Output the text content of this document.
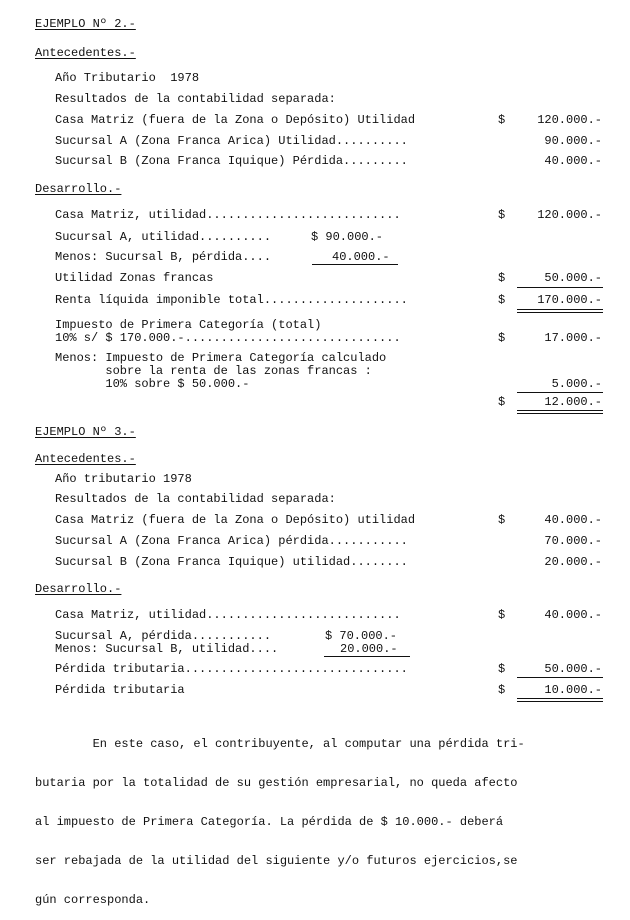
EJEMPLO Nº 2.-
Antecedentes.-
Año Tributario  1978
Resultados de la contabilidad separada:
Casa Matriz (fuera de la Zona o Depósito) Utilidad	$	120.000.-
Sucursal A (Zona Franca Arica) Utilidad..........	90.000.-
Sucursal B (Zona Franca Iquique) Pérdida.........	40.000.-
Desarrollo.-
Casa Matriz, utilidad...........................	$	120.000.-
Sucursal A, utilidad..........	$ 90.000.-
Menos: Sucursal B, pérdida....	40.000.-
Utilidad Zonas francas	$	50.000.-
Renta líquida imponible total....................	$	170.000.-
Impuesto de Primera Categoría (total)
10% s/ $ 170.000.-..............................	$	17.000.-
Menos: Impuesto de Primera Categoría calculado
sobre la renta de las zonas francas :
10% sobre $ 50.000.-	5.000.-
$	12.000.-
EJEMPLO Nº 3.-
Antecedentes.-
Año tributario 1978
Resultados de la contabilidad separada:
Casa Matriz (fuera de la Zona o Depósito) utilidad	$	40.000.-
Sucursal A (Zona Franca Arica) pérdida...........	70.000.-
Sucursal B (Zona Franca Iquique) utilidad........	20.000.-
Desarrollo.-
Casa Matriz, utilidad...........................	$	40.000.-
Sucursal A, pérdida...........	$ 70.000.-
Menos: Sucursal B, utilidad....	20.000.-
Pérdida tributaria...............................	$	50.000.-
Pérdida tributaria	$	10.000.-

En este caso, el contribuyente, al computar una pérdida tri-

butaria por la totalidad de su gestión empresarial, no queda afecto

al impuesto de Primera Categoría. La pérdida de $ 10.000.- deberá

ser rebajada de la utilidad del siguiente y/o futuros ejercicios,se

gún corresponda.
